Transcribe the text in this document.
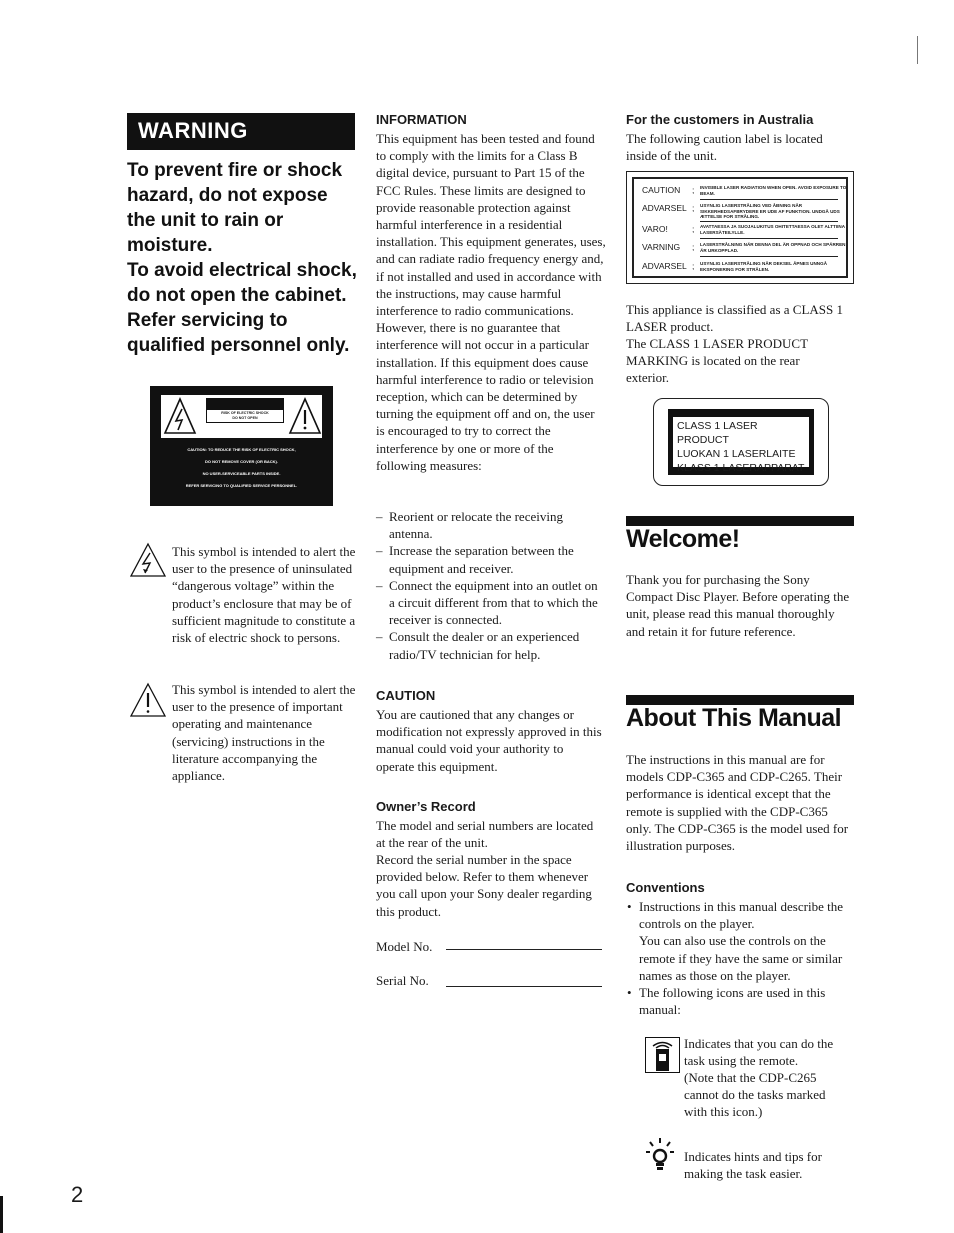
WARNING

To prevent fire or shock hazard, do not expose the unit to rain or moisture.

To avoid electrical shock, do not open the cabinet. Refer servicing to qualified personnel only.

RISK OF ELECTRIC SHOCK
DO NOT OPEN
CAUTION: TO REDUCE THE RISK OF ELECTRIC SHOCK,
DO NOT REMOVE COVER (OR BACK).
NO USER-SERVICEABLE PARTS INSIDE.
REFER SERVICING TO QUALIFIED SERVICE PERSONNEL.
This symbol is intended to alert the user to the presence of uninsulated “dangerous voltage” within the product’s enclosure that may be of sufficient magnitude to constitute a risk of electric shock to persons.
This symbol is intended to alert the user to the presence of important operating and maintenance (servicing) instructions in the literature accompanying the appliance.
INFORMATION

This equipment has been tested and found to comply with the limits for a Class B digital device, pursuant to Part 15 of the FCC Rules. These limits are designed to provide reasonable protection against harmful interference in a residential installation. This equipment generates, uses, and can radiate radio frequency energy and, if not installed and used in accordance with the instructions, may cause harmful interference to radio communications. However, there is no guarantee that interference will not occur in a particular installation. If this equipment does cause harmful interference to radio or television reception, which can be determined by turning the equipment off and on, the user is encouraged to try to correct the interference by one or more of the following measures:

– Reorient or relocate the receiving antenna.
– Increase the separation between the equipment and receiver.
– Connect the equipment into an outlet on a circuit different from that to which the receiver is connected.
– Consult the dealer or an experienced radio/TV technician for help.
CAUTION

You are cautioned that any changes or modification not expressly approved in this manual could void your authority to operate this equipment.

Owner’s Record

The model and serial numbers are located at the rear of the unit.

Record the serial number in the space provided below. Refer to them whenever you call upon your Sony dealer regarding this product.

Model No.
Serial No.
For the customers in Australia

The following caution label is located inside of the unit.

CAUTION ; INVISIBLE LASER RADIATION WHEN OPEN. AVOID EXPOSURE TO BEAM.
ADVARSEL ; USYNLIG LASERSTRÅLING VED ÅBNING NÅR SIKKERHEDSAFBRYDERE ER UDE AF FUNKTION. UNDGÅ UDS ÆTTELSE FOR STRÅLING.
VARO!	; AVATTAESSA JA SUOJALUKITUS OHITETTAESSA OLET ALTTIINA LASERSÄTEILYLLE.
VARNING ; LASERSTRÅLNING NÄR DENNA DEL ÄR OPPNAD OCH SPÄRREN ÄR URKOPPLAD.
ADVARSEL ; USYNLIG LASERSTRÅLING NÅR DEKSEL ÅPNES UNNGÅ EKSPONERING FOR STRÅLEN.

This appliance is classified as a CLASS 1 LASER product.

The CLASS 1 LASER PRODUCT MARKING is located on the rear exterior.

CLASS 1 LASER PRODUCT
LUOKAN 1 LASERLAITE
KLASS 1 LASERAPPARAT
Welcome!

Thank you for purchasing the Sony Compact Disc Player. Before operating the unit, please read this manual thoroughly and retain it for future reference.

About This Manual

The instructions in this manual are for models CDP-C365 and CDP-C265. Their performance is identical except that the remote is supplied with the CDP-C365 only. The CDP-C365 is the model used for illustration purposes.

Conventions
• Instructions in this manual describe the controls on the player.
You can also use the controls on the remote if they have the same or similar names as those on the player.
• The following icons are used in this manual:

Indicates that you can do the task using the remote.

(Note that the CDP-C265 cannot do the tasks marked with this icon.)

Indicates hints and tips for making the task easier.

2
